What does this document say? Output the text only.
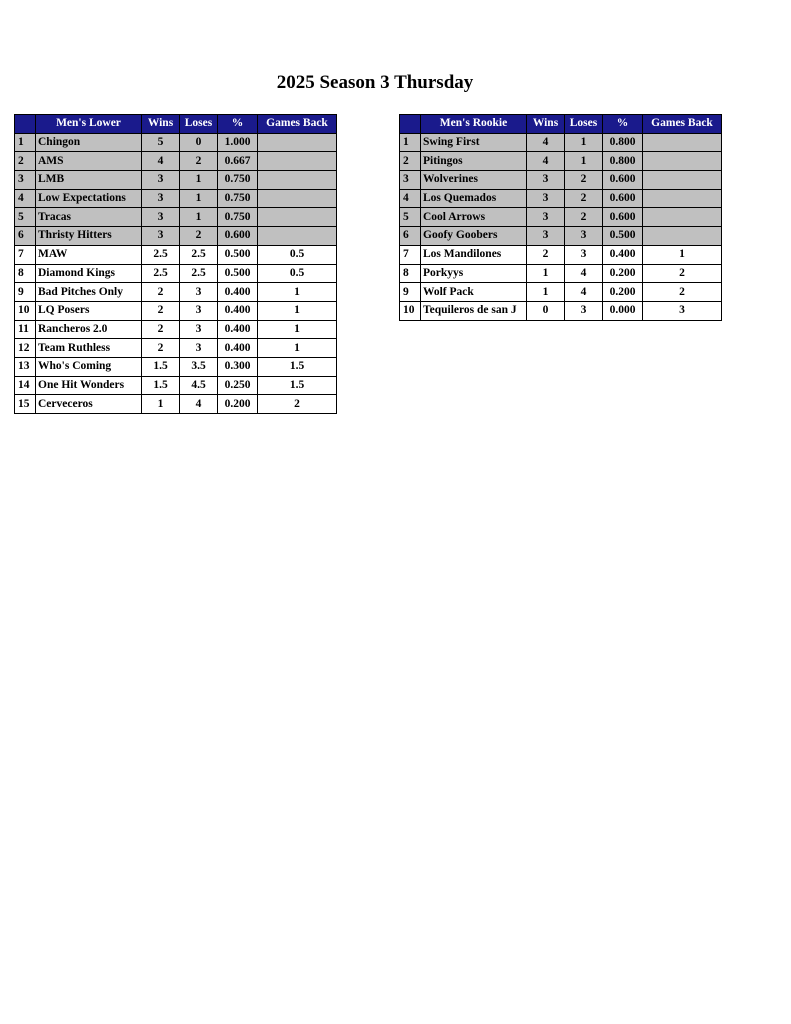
2025 Season 3 Thursday
	Men's Lower	Wins	Loses	%	Games Back
1	Chingon	5	0	1.000	
2	AMS	4	2	0.667	
3	LMB	3	1	0.750	
4	Low Expectations	3	1	0.750	
5	Tracas	3	1	0.750	
6	Thristy Hitters	3	2	0.600	
7	MAW	2.5	2.5	0.500	0.5
8	Diamond Kings	2.5	2.5	0.500	0.5
9	Bad Pitches Only	2	3	0.400	1
10	LQ Posers	2	3	0.400	1
11	Rancheros 2.0	2	3	0.400	1
12	Team Ruthless	2	3	0.400	1
13	Who's Coming	1.5	3.5	0.300	1.5
14	One Hit Wonders	1.5	4.5	0.250	1.5
15	Cerveceros	1	4	0.200	2
	Men's Rookie	Wins	Loses	%	Games Back
1	Swing First	4	1	0.800	
2	Pitingos	4	1	0.800	
3	Wolverines	3	2	0.600	
4	Los Quemados	3	2	0.600	
5	Cool Arrows	3	2	0.600	
6	Goofy Goobers	3	3	0.500	
7	Los Mandilones	2	3	0.400	1
8	Porkyys	1	4	0.200	2
9	Wolf Pack	1	4	0.200	2
10	Tequileros de san J	0	3	0.000	3
